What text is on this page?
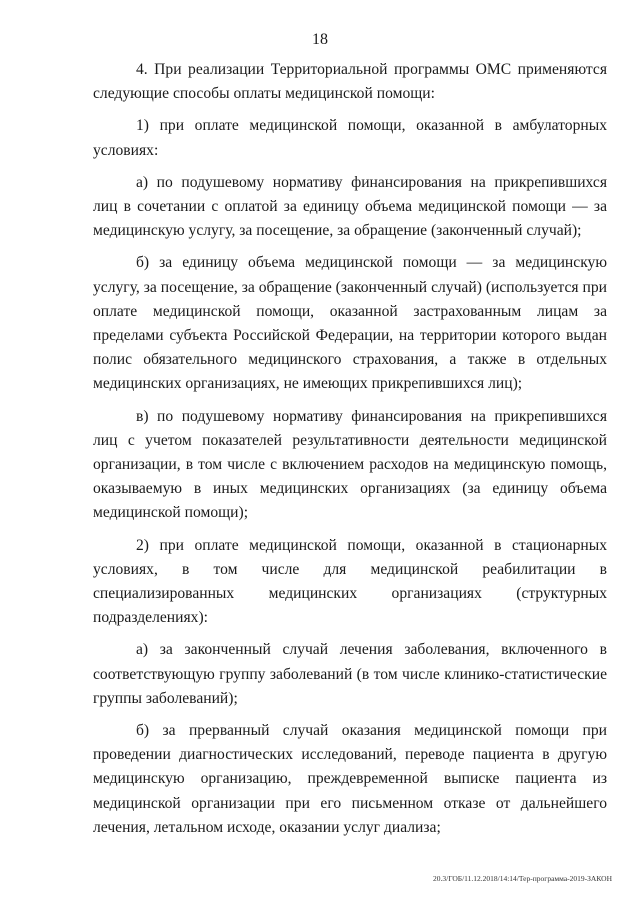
18

4. При реализации Территориальной программы ОМС применяются следующие способы оплаты медицинской помощи:

1) при оплате медицинской помощи, оказанной в амбулаторных условиях:

а) по подушевому нормативу финансирования на прикрепившихся лиц в сочетании с оплатой за единицу объема медицинской помощи — за медицинскую услугу, за посещение, за обращение (законченный случай);

б) за единицу объема медицинской помощи — за медицинскую услугу, за посещение, за обращение (законченный случай) (используется при оплате медицинской помощи, оказанной застрахованным лицам за пределами субъекта Российской Федерации, на территории которого выдан полис обязательного медицинского страхования, а также в отдельных медицинских организациях, не имеющих прикрепившихся лиц);

в) по подушевому нормативу финансирования на прикрепившихся лиц с учетом показателей результативности деятельности медицинской организации, в том числе с включением расходов на медицинскую помощь, оказываемую в иных медицинских организациях (за единицу объема медицинской помощи);

2) при оплате медицинской помощи, оказанной в стационарных условиях, в том числе для медицинской реабилитации в специализированных медицинских организациях (структурных подразделениях):

а) за законченный случай лечения заболевания, включенного в соответствующую группу заболеваний (в том числе клинико-статистические группы заболеваний);

б) за прерванный случай оказания медицинской помощи при проведении диагностических исследований, переводе пациента в другую медицинскую организацию, преждевременной выписке пациента из медицинской организации при его письменном отказе от дальнейшего лечения, летальном исходе, оказании услуг диализа;

20.3/ГОБ/11.12.2018/14:14/Тер-программа-2019-ЗАКОН
